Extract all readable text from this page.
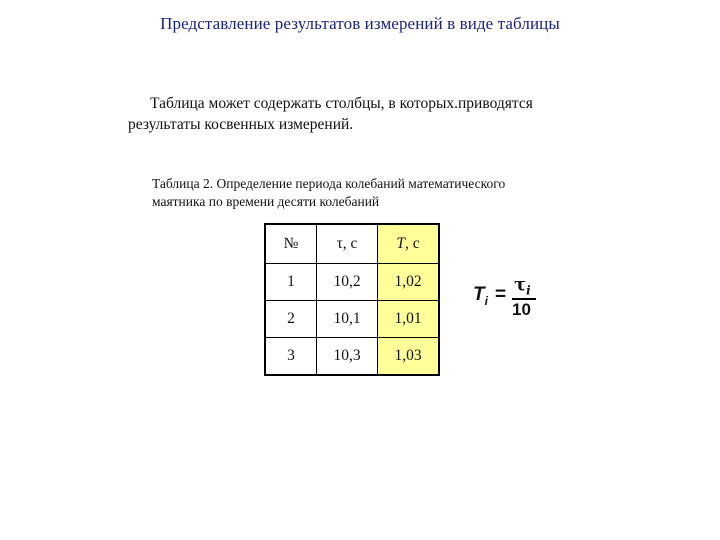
Представление результатов измерений в виде таблицы
Таблица может содержать столбцы, в которых.приводятся
результаты косвенных измерений.
Таблица 2. Определение периода колебаний математического
маятника по времени десяти колебаний
№	τ, с	T, с
1	10,2	1,02
2	10,1	1,01
3	10,3	1,03
$T_i = \tau_i$
10
